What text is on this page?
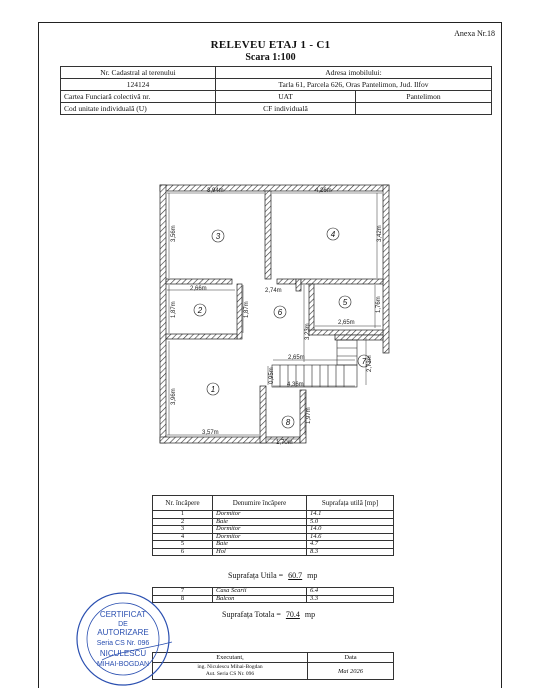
Anexa Nr.18
RELEVEU ETAJ 1 - C1
Scara 1:100
Nr. Cadastral al terenului	Adresa imobilului:	
124124	Tarla 61, Parcela 626, Oras Pantelimon, Jud. Ilfov	
Cartea Funciară colectivă nr.	UAT	Pantelimon
Cod unitate individuală (U)	CF individuală	
3,94m	4,26m
3,56m	3,42m
2,66m	2,74m
1,87m	1,87m	1,76m
2,65m
2,65m
3,23m
2,73m
3,96m
0,95m
4,36m
1,97m
3,57m
1,70m
3	4
2	6
5
7
1
8
Nr. încăpere	Denumire încăpere	Suprafața utilă [mp]
1	Dormitor	14.1
2	Baie	5.0
3	Dormitor	14.0
4	Dormitor	14.6
5	Baie	4.7
6	Hol	8.3
Suprafața Utila = 60.7 mp
7	Casa Scarii	6.4
8	Balcon	3.3
Suprafața Totala = 70.4 mp
Executant,	Data

ing. Niculescu Mihai-Bogdan
Aut. Seria CS Nr. 096	Mai 2026
CERTIFICAT
DE
AUTORIZARE
Seria CS Nr. 096
NICULESCU
MIHAI-BOGDAN
